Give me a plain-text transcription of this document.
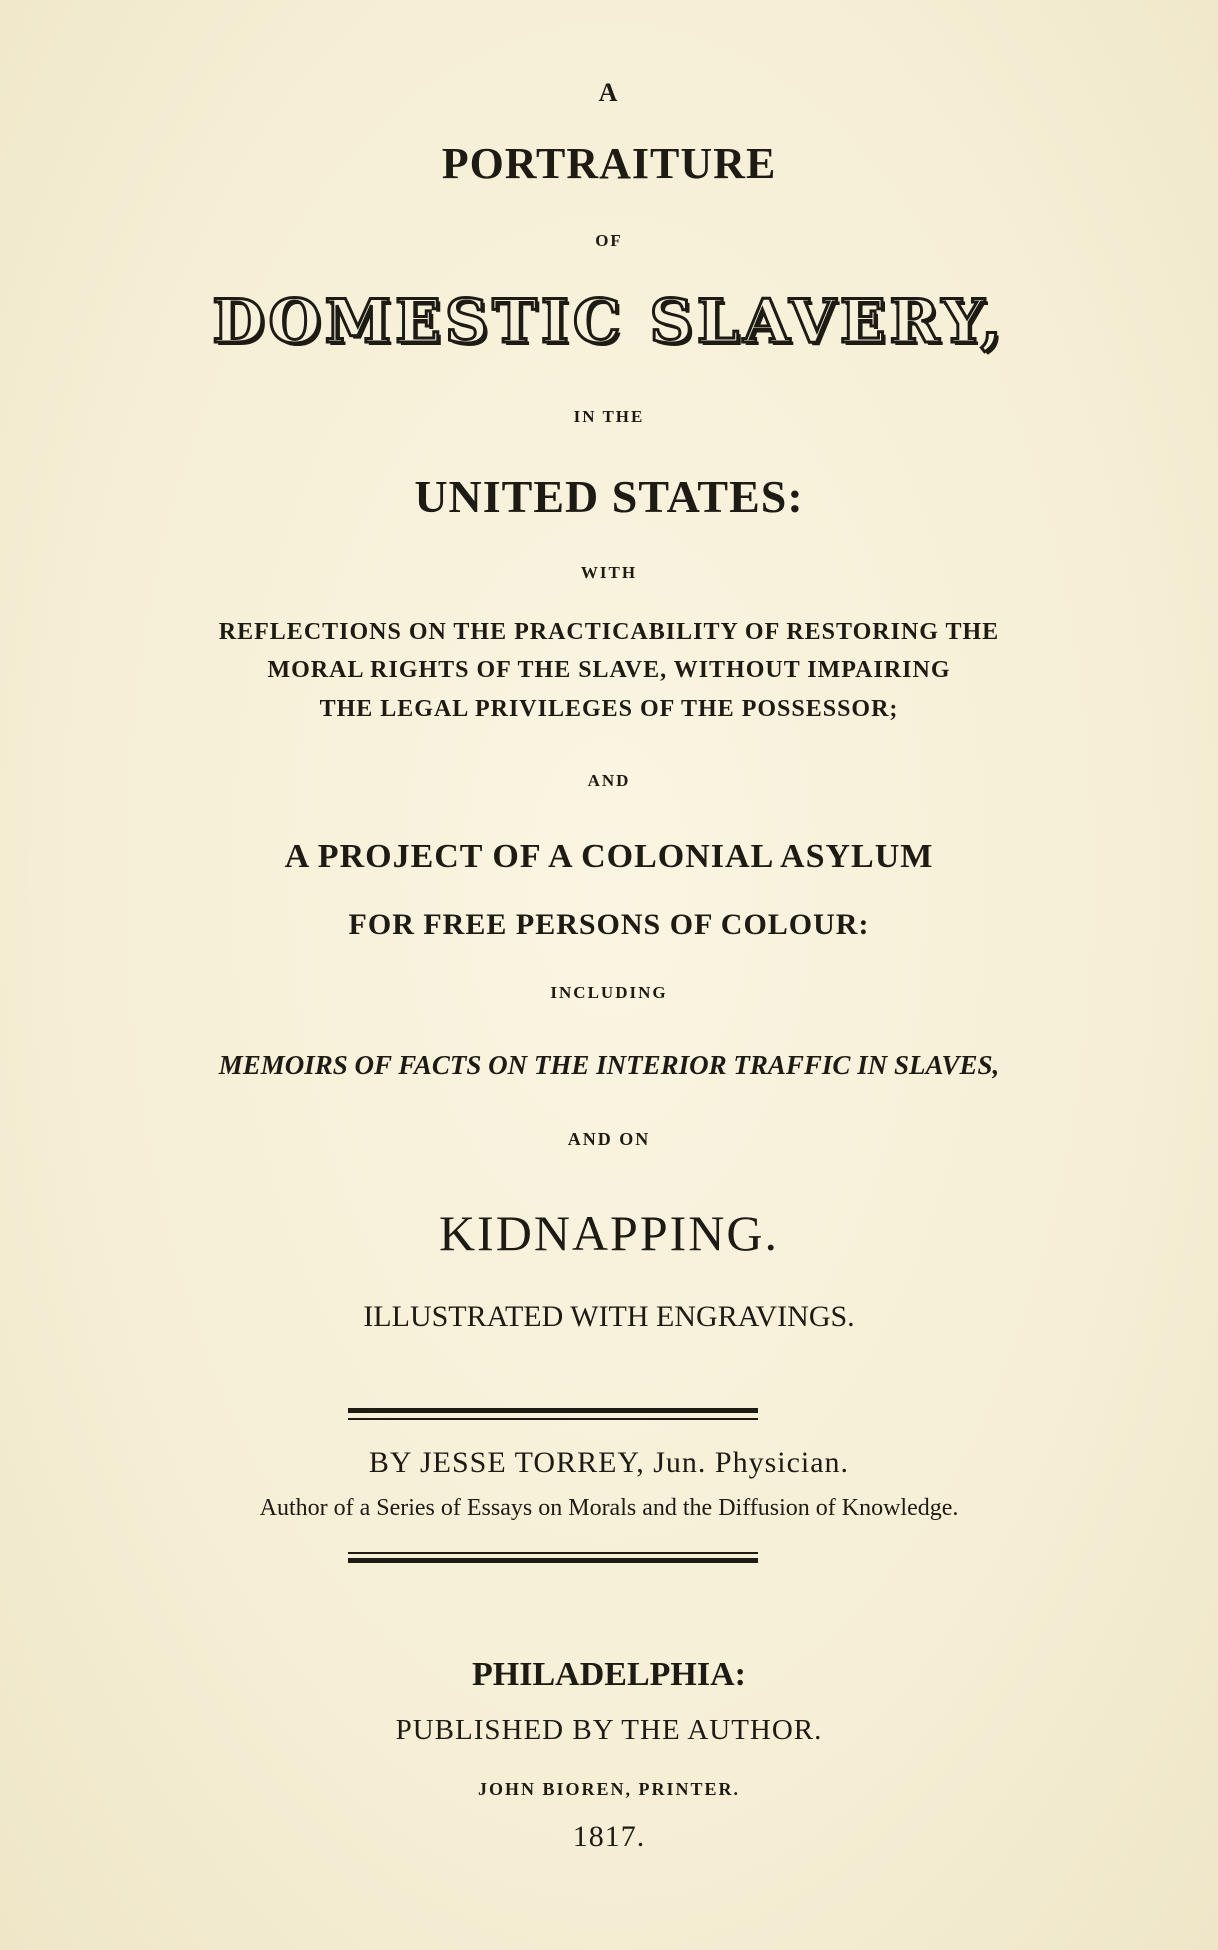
A
PORTRAITURE
OF
DOMESTIC SLAVERY,
IN THE
UNITED STATES:
WITH
REFLECTIONS ON THE PRACTICABILITY OF RESTORING THE
MORAL RIGHTS OF THE SLAVE, WITHOUT IMPAIRING
THE LEGAL PRIVILEGES OF THE POSSESSOR;
AND
A PROJECT OF A COLONIAL ASYLUM
FOR FREE PERSONS OF COLOUR:
INCLUDING
MEMOIRS OF FACTS ON THE INTERIOR TRAFFIC IN SLAVES,
AND ON
KIDNAPPING.
ILLUSTRATED WITH ENGRAVINGS.
BY JESSE TORREY, Jun. Physician.
Author of a Series of Essays on Morals and the Diffusion of Knowledge.
PHILADELPHIA:
PUBLISHED BY THE AUTHOR.
JOHN BIOREN, PRINTER.
1817.
